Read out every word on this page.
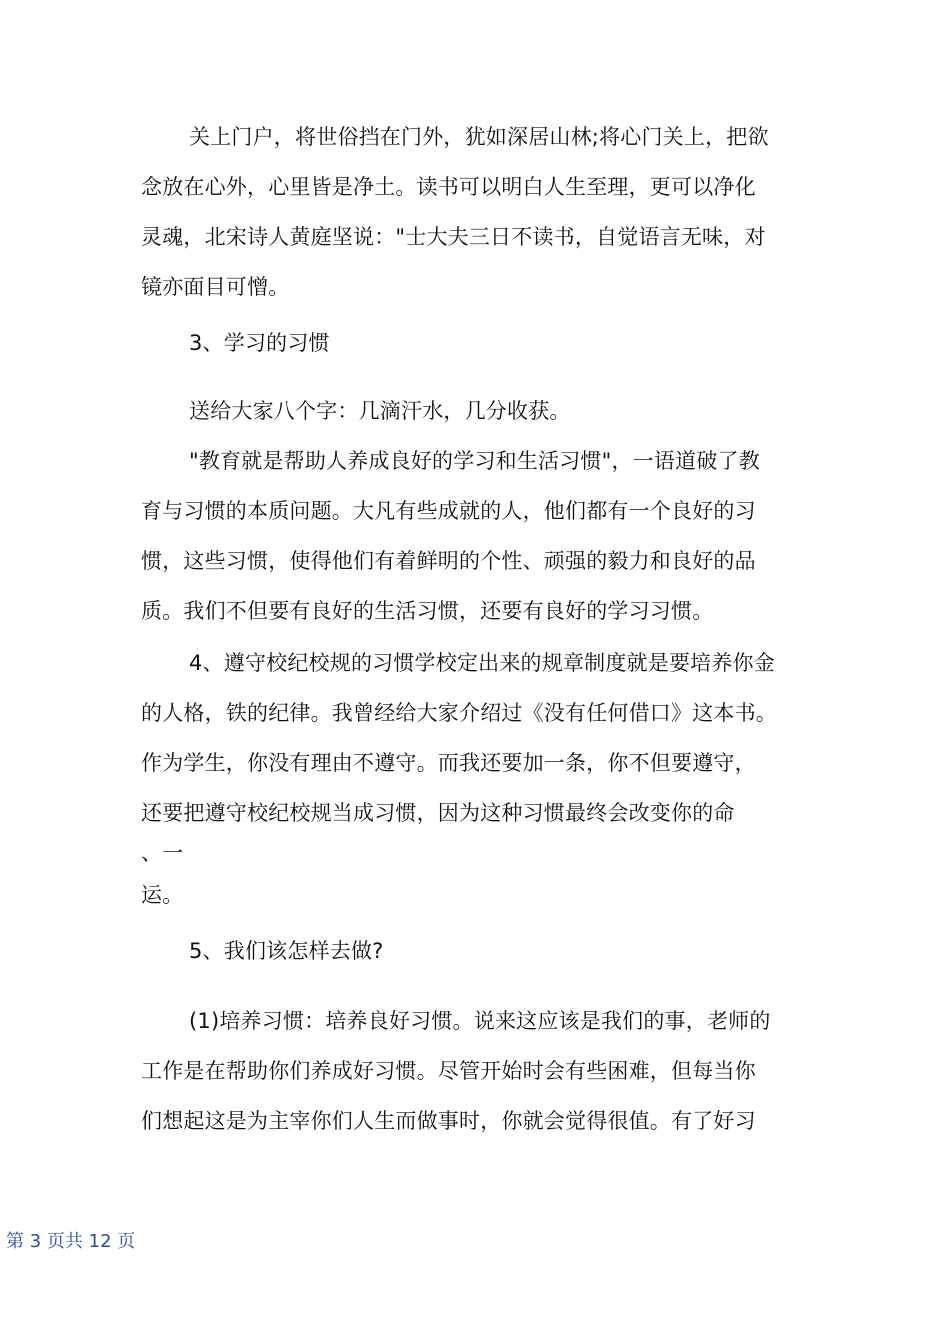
关上门户，将世俗挡在门外，犹如深居山林;将心门关上，把欲
念放在心外，心里皆是净土。读书可以明白人生至理，更可以净化
灵魂，北宋诗人黄庭坚说："士大夫三日不读书，自觉语言无味，对
镜亦面目可憎。
3、学习的习惯
送给大家八个字：几滴汗水，几分收获。
"教育就是帮助人养成良好的学习和生活习惯"，一语道破了教
育与习惯的本质问题。大凡有些成就的人，他们都有一个良好的习
惯，这些习惯，使得他们有着鲜明的个性、顽强的毅力和良好的品
质。我们不但要有良好的生活习惯，还要有良好的学习习惯。
4、遵守校纪校规的习惯学校定出来的规章制度就是要培养你金
的人格，铁的纪律。我曾经给大家介绍过《没有任何借口》这本书。
作为学生，你没有理由不遵守。而我还要加一条，你不但要遵守，
还要把遵守校纪校规当成习惯，因为这种习惯最终会改变你的命
、一
运。
5、我们该怎样去做?
(1)培养习惯：培养良好习惯。说来这应该是我们的事，老师的
工作是在帮助你们养成好习惯。尽管开始时会有些困难，但每当你
们想起这是为主宰你们人生而做事时，你就会觉得很值。有了好习
第 3 页共 12 页
